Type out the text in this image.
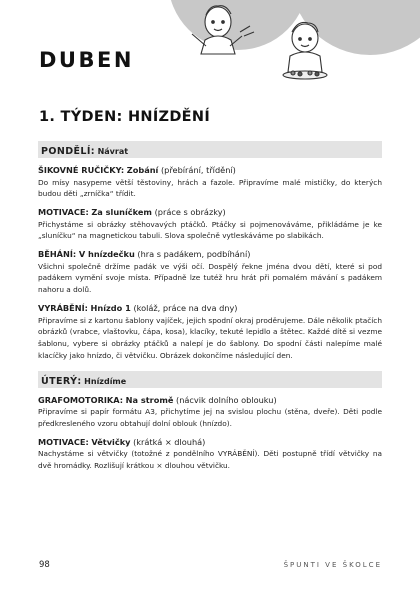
DUBEN
1. TÝDEN: HNÍZDĚNÍ
PONDĚLÍ: Návrat
ŠIKOVNÉ RUČIČKY: Zobání (přebírání, třídění)

Do mísy nasypeme větší těstoviny, hrách a fazole. Připravíme malé mističky, do kterých budou děti „zrníčka“ třídit.

MOTIVACE: Za sluníčkem (práce s obrázky)

Přichystáme si obrázky stěhovavých ptáčků. Ptáčky si pojmenováváme, přikládáme je ke „sluníčku“ na magnetickou tabuli. Slova společně vytleskáváme po slabikách.

BĚHÁNÍ: V hnízdečku (hra s padákem, podbíhání)

Všichni společně držíme padák ve výši očí. Dospělý řekne jména dvou dětí, které si pod padákem vymění svoje místa. Případně lze tutéž hru hrát při pomalém mávání s padákem nahoru a dolů.

VYRÁBĚNÍ: Hnízdo 1 (koláž, práce na dva dny)

Připravíme si z kartonu šablony vajíček, jejich spodní okraj proděrujeme. Dále několik ptačích obrázků (vrabce, vlaštovku, čápa, kosa), klacíky, tekuté lepidlo a štětec. Každé dítě si vezme šablonu, vybere si obrázky ptáčků a nalepí je do šablony. Do spodní části nalepíme malé klacíčky jako hnízdo, či větvičku. Obrázek dokončíme následující den.

ÚTERÝ: Hnízdíme
GRAFOMOTORIKA: Na stromě (nácvik dolního oblouku)

Připravíme si papír formátu A3, přichytíme jej na svislou plochu (stěna, dveře). Děti podle předkresleného vzoru obtahují dolní oblouk (hnízdo).

MOTIVACE: Větvičky (krátká × dlouhá)

Nachystáme si větvičky (totožné z pondělního VYRÁBĚNÍ). Děti postupně třídí větvičky na dvě hromádky. Rozlišují krátkou × dlouhou větvičku.

98	ŠPUNTI VE ŠKOLCE
